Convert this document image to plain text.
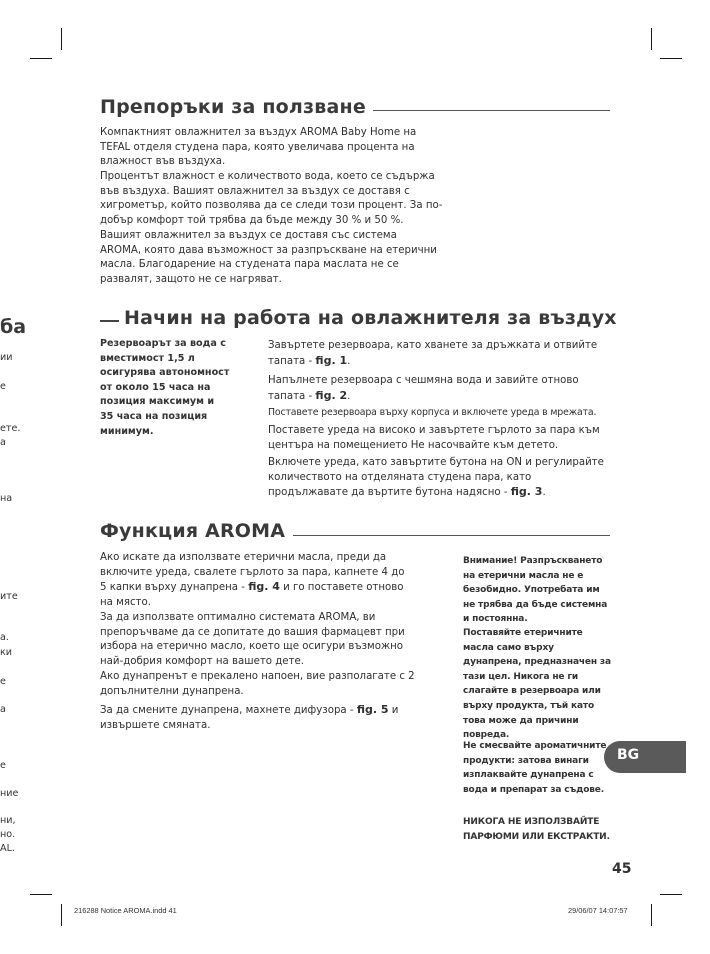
ба
ии
е
ете.
а
на
ите
а.
ки
е
а
е
ние
ни,
но.
AL.
Препоръки за ползване

Компактният овлажнител за въздух AROMA Baby Home на TEFAL отделя студена пара, която увеличава процента на влажност във въздуха.

Процентът влажност е количеството вода, което се съдържа във въздуха. Вашият овлажнител за въздух се доставя с хигрометър, който позволява да се следи този процент. За по-добър комфорт той трябва да бъде между 30 % и 50 %.

Вашият овлажнител за въздух се доставя със система AROMA, която дава възможност за разпръскване на етерични масла. Благодарение на студената пара маслата не се развалят, защото не се нагряват.

Начин на работа на овлажнителя за въздух

Резервоарът за вода с вместимост 1,5 л осигурява автономност от около 15 часа на позиция максимум и 35 часа на позиция минимум.

Завъртете резервоара, като хванете за дръжката и отвийте тапата - fig. 1.

Напълнете резервоара с чешмяна вода и завийте отново тапата - fig. 2.

Поставете резервоара върху корпуса и включете уреда в мрежата.

Поставете уреда на високо и завъртете гърлото за пара към центъра на помещението Не насочвайте към детето.

Включете уреда, като завъртите бутона на ON и регулирайте количеството на отделяната студена пара, като продължавате да въртите бутона надясно - fig. 3.

Функция AROMA

Ако искате да използвате етерични масла, преди да включите уреда, свалете гърлото за пара, капнете 4 до 5 капки върху дунапрена - fig. 4 и го поставете отново на място.

За да използвате оптимално системата AROMA, ви препоръчваме да се допитате до вашия фармацевт при избора на етерично масло, което ще осигури възможно най-добрия комфорт на вашето дете.

Ако дунапренът е прекалено напоен, вие разполагате с 2 допълнителни дунапрена.

За да смените дунапрена, махнете дифузора - fig. 5 и извършете смяната.

Внимание! Разпръскването на етерични масла не е безобидно. Употребата им не трябва да бъде системна и постоянна.

Поставяйте етеричните масла само върху дунапрена, предназначен за тази цел. Никога не ги слагайте в резервоара или върху продукта, тъй като това може да причини повреда.

Не смесвайте ароматичните продукти: затова винаги изплаквайте дунапрена с вода и препарат за съдове.

НИКОГА НЕ ИЗПОЛЗВАЙТЕ ПАРФЮМИ ИЛИ ЕКСТРАКТИ.

BG
45
216288 Notice AROMA.indd 41	29/06/07 14:07:57
